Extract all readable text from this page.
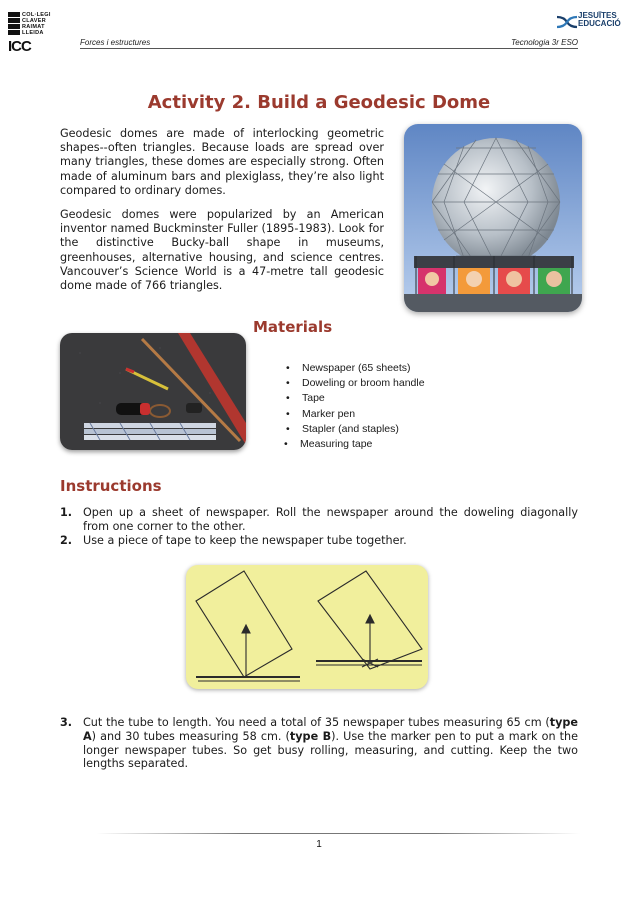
COL·LEGI
CLAVER
RAIMAT
LLEIDA
ICC	Forces i estructures	Tecnologia 3r ESO
JESUÏTES
EDUCACIÓ
Activity 2. Build a Geodesic Dome
Geodesic domes are made of interlocking geometric shapes--often triangles. Because loads are spread over many triangles, these domes are especially strong. Often made of aluminum bars and plexiglass, they’re also light compared to ordinary domes.
Geodesic domes were popularized by an American inventor named Buckminster Fuller (1895-1983). Look for the distinctive Bucky-ball shape in museums, greenhouses, alternative housing, and science centres. Vancouver’s Science World is a 47-metre tall geodesic dome made of 766 triangles.
Materials
• Newspaper (65 sheets)
• Doweling or broom handle
• Tape
• Marker pen
• Stapler (and staples)
• Measuring tape
Instructions
1. Open up a sheet of newspaper. Roll the newspaper around the doweling diagonally from one corner to the other.
2. Use a piece of tape to keep the newspaper tube together.
3. Cut the tube to length. You need a total of 35 newspaper tubes measuring 65 cm (type A) and 30 tubes measuring 58 cm. (type B). Use the marker pen to put a mark on the longer newspaper tubes. So get busy rolling, measuring, and cutting. Keep the two lengths separated.
1
